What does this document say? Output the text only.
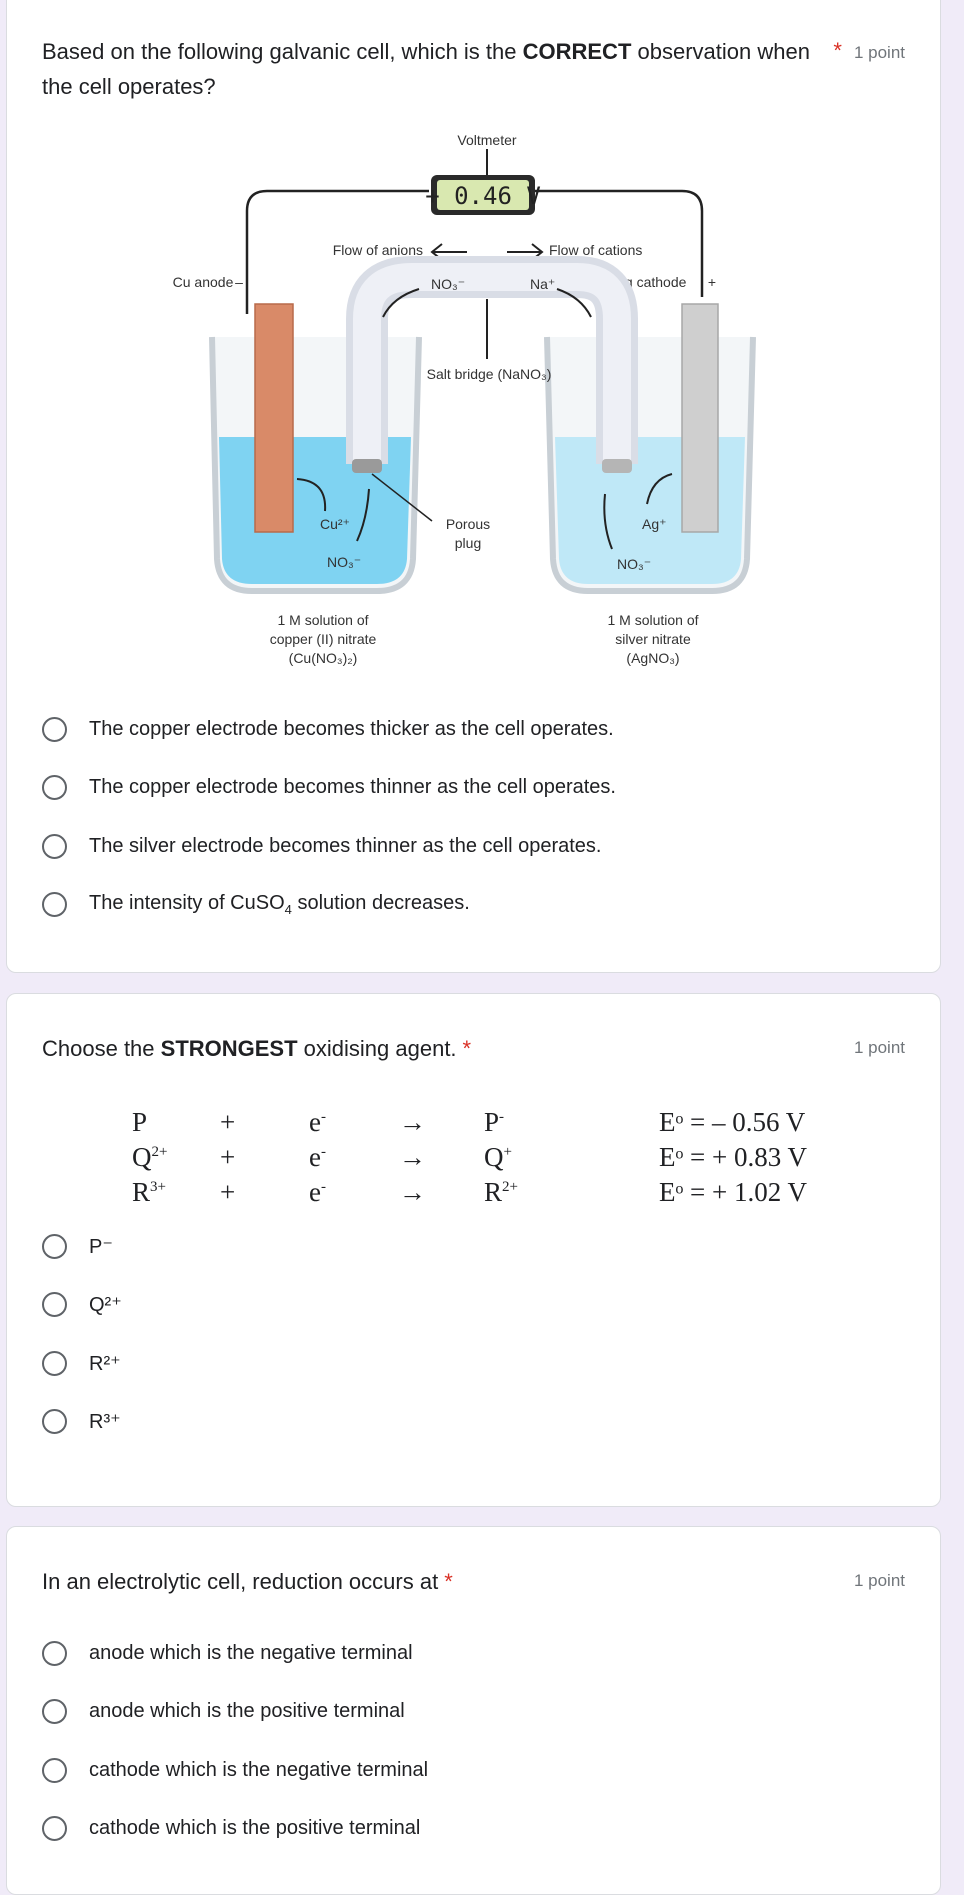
Based on the following galvanic cell, which is the CORRECT observation when the cell operates?
* 1 point
Voltmeter
+ 0.46 V
Flow of anions	Flow of cations
Cu anode –	Ag cathode +
NO₃⁻	Na⁺
Salt bridge (NaNO₃)
Cu²⁺
NO₃⁻
Porous
plug
Ag⁺
NO₃⁻
1 M solution of
copper (II) nitrate
(Cu(NO₃)₂)
1 M solution of
silver nitrate
(AgNO₃)
The copper electrode becomes thicker as the cell operates.
The copper electrode becomes thinner as the cell operates.
The silver electrode becomes thinner as the cell operates.
The intensity of CuSO$_4$ solution decreases.
Choose the STRONGEST oxidising agent. *	1 point
P	+	e-	→ P-	Eᵒ = – 0.56 V
$Q^{2+}$ +	e-	→ Q+	Eᵒ = + 0.83 V
$R^{3+}$ +	e-	→ $R^{2+}$	Eᵒ = + 1.02 V
P⁻
Q²⁺
R²⁺
R³⁺
In an electrolytic cell, reduction occurs at *	1 point
anode which is the negative terminal
anode which is the positive terminal
cathode which is the negative terminal
cathode which is the positive terminal
